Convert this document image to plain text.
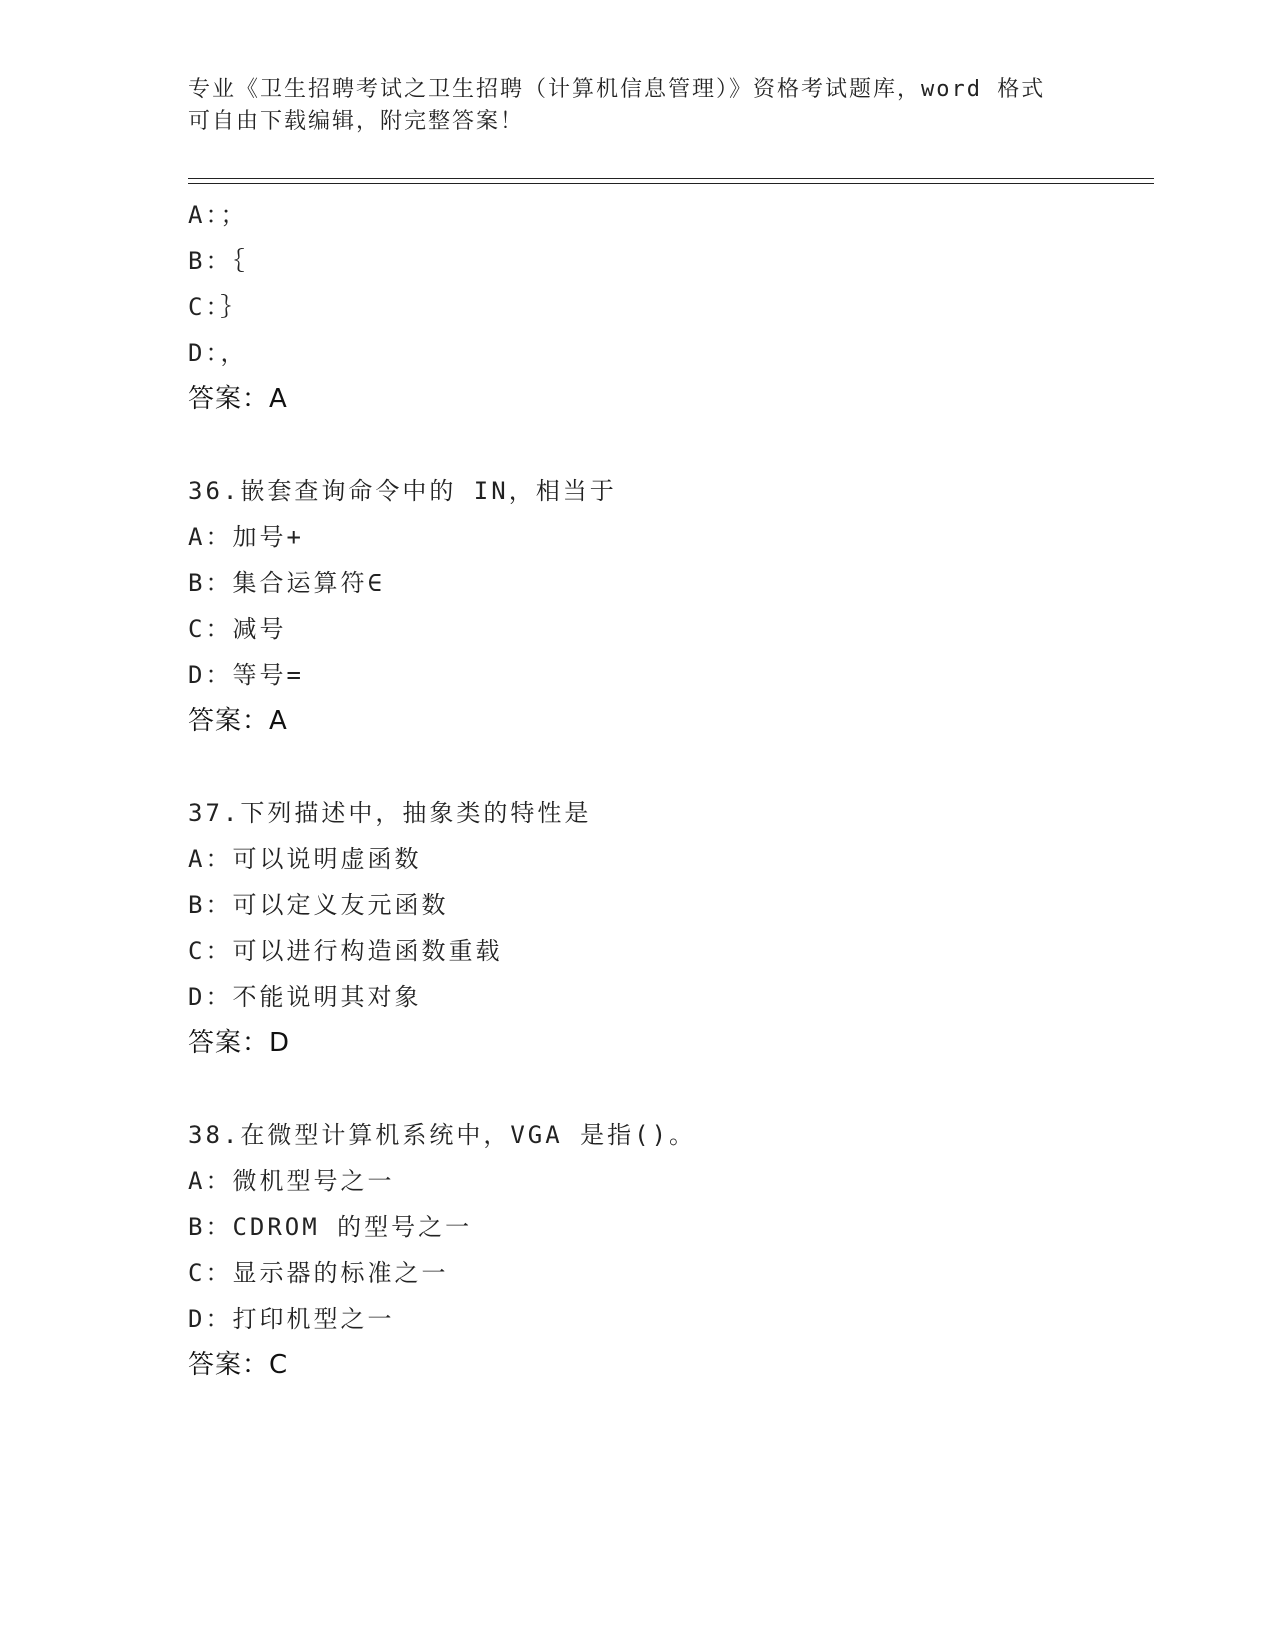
专业《卫生招聘考试之卫生招聘（计算机信息管理）》资格考试题库，word 格式
可自由下载编辑，附完整答案！
A：；
B：｛
C：｝
D：，
答案：A
36.嵌套查询命令中的 IN，相当于
A：加号+
B：集合运算符∈
C：减号
D：等号=
答案：A
37.下列描述中，抽象类的特性是
A：可以说明虚函数
B：可以定义友元函数
C：可以进行构造函数重载
D：不能说明其对象
答案：D
38.在微型计算机系统中，VGA 是指()。
A：微机型号之一
B：CDROM 的型号之一
C：显示器的标准之一
D：打印机型之一
答案：C
